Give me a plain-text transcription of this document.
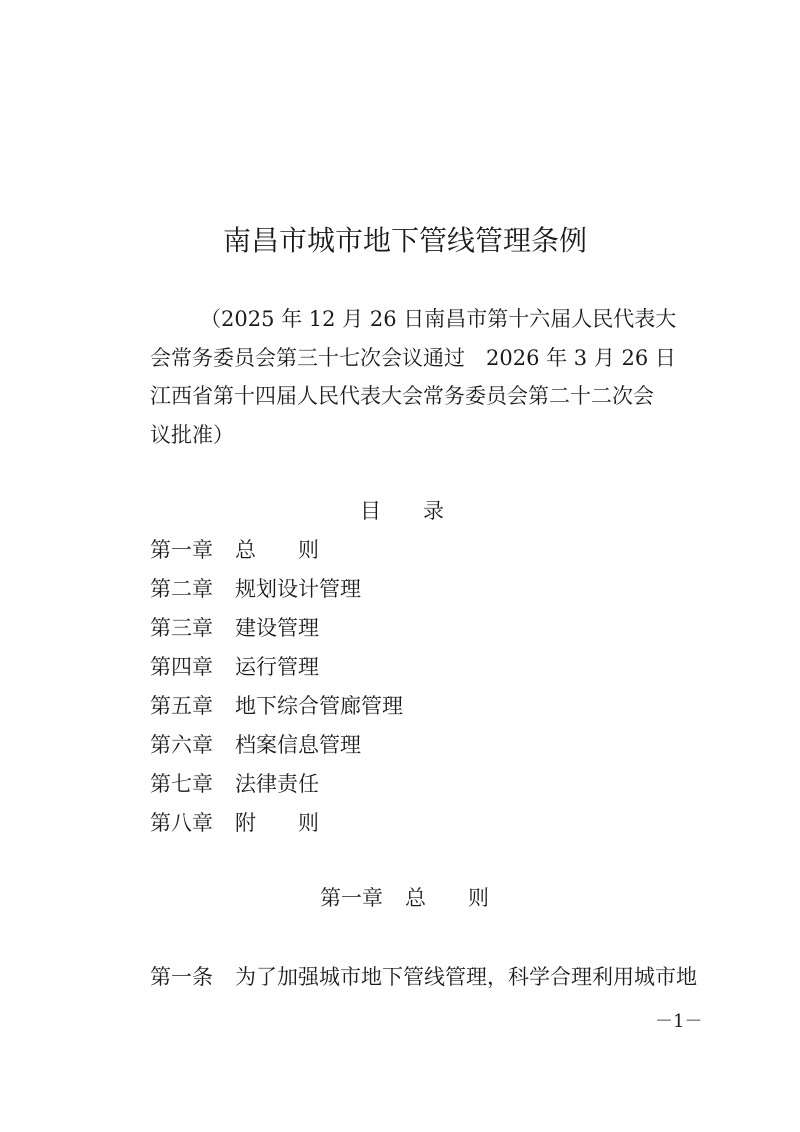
南昌市城市地下管线管理条例
（2025 年 12 月 26 日南昌市第十六届人民代表大
会常务委员会第三十七次会议通过　2026 年 3 月 26 日
江西省第十四届人民代表大会常务委员会第二十二次会
议批准）
目 录
第一章 总　　则
第二章 规划设计管理
第三章 建设管理
第四章 运行管理
第五章 地下综合管廊管理
第六章 档案信息管理
第七章 法律责任
第八章 附　　则
第一章 总　　则
第一条 为了加强城市地下管线管理，科学合理利用城市地
－1－
